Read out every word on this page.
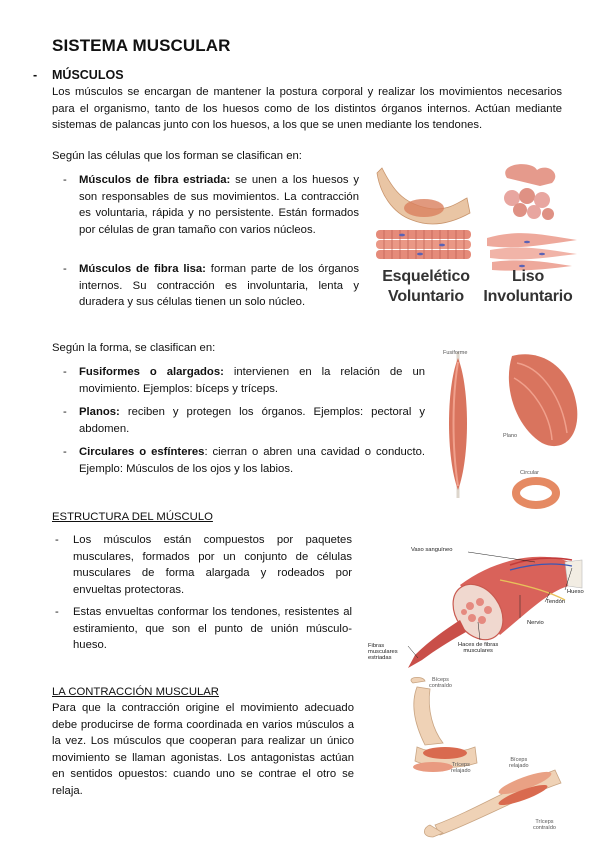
SISTEMA MUSCULAR
- MÚSCULOS
Los músculos se encargan de mantener la postura corporal y realizar los movimientos necesarios para el organismo, tanto de los huesos como de los distintos órganos internos. Actúan mediante sistemas de palancas junto con los huesos, a los que se unen mediante los tendones.
Según las células que los forman se clasifican en:
- Músculos de fibra estriada: se unen a los huesos y son responsables de sus movimientos. La contracción es voluntaria, rápida y no persistente. Están formados por células de gran tamaño con varios núcleos.
- Músculos de fibra lisa: forman parte de los órganos internos. Su contracción es involuntaria, lenta y duradera y sus células tienen un solo núcleo.
Esquelético
Voluntario
Liso
Involuntario
Según la forma, se clasifican en:
- Fusiformes o alargados: intervienen en la relación de un movimiento. Ejemplos: bíceps y tríceps.
- Planos: reciben y protegen los órganos. Ejemplos: pectoral y abdomen.
- Circulares o esfínteres: cierran o abren una cavidad o conducto. Ejemplo: Músculos de los ojos y los labios.
Fusiforme
Plano
Circular
ESTRUCTURA DEL MÚSCULO
- Los músculos están compuestos por paquetes musculares, formados por un conjunto de células musculares de forma alargada y rodeados por envueltas protectoras.
- Estas envueltas conformar los tendones, resistentes al estiramiento, que son el punto de unión músculo-hueso.
Vaso sanguíneo
Hueso
Tendón
Nervio
Haces de fibras
musculares
Fibras
musculares
estriadas
LA CONTRACCIÓN MUSCULAR
Para que la contracción origine el movimiento adecuado debe producirse de forma coordinada en varios músculos a la vez. Los músculos que cooperan para realizar un único movimiento se llaman agonistas. Los antagonistas actúan en sentidos opuestos: cuando uno se contrae el otro se relaja.
Bíceps
contraído
Tríceps
relajado
Bíceps
relajado
Tríceps
contraído
